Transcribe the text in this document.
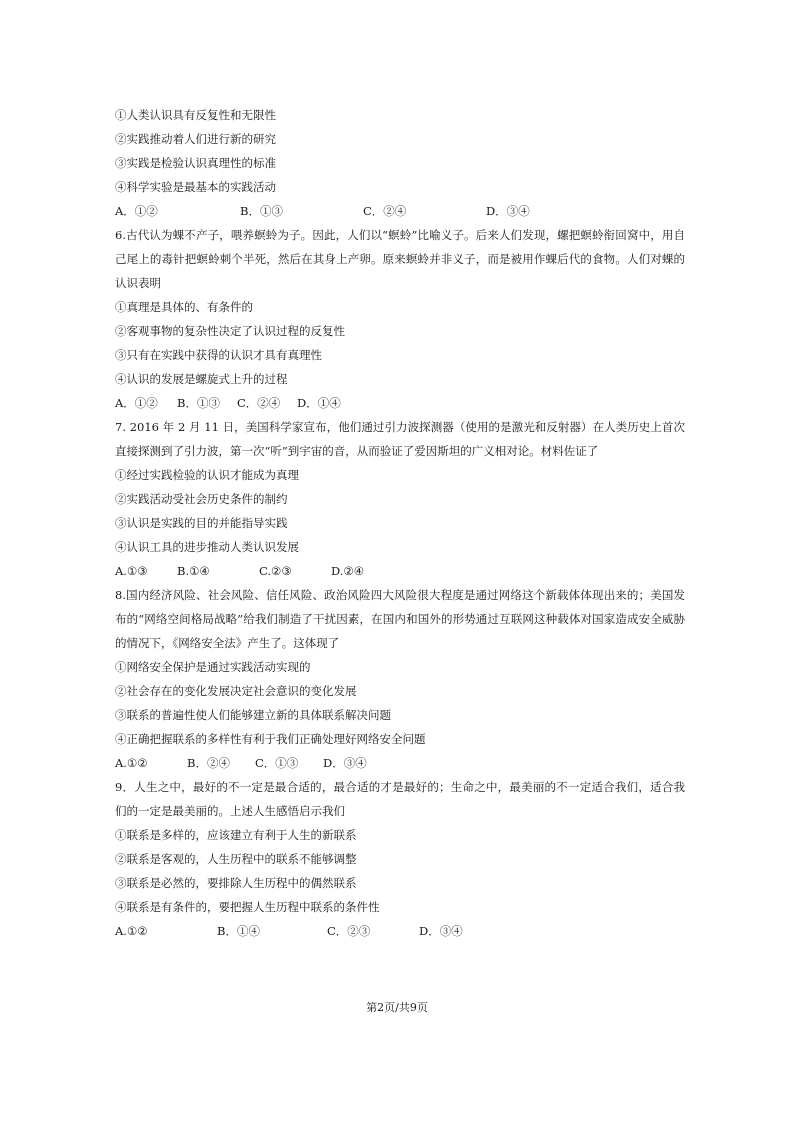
①人类认识具有反复性和无限性
②实践推动着人们进行新的研究
③实践是检验认识真理性的标准
④科学实验是最基本的实践活动
A．①②	B．①③	C．②④	D．③④
6.古代认为蜾不产子，喂养螟蛉为子。因此，人们以“螟蛉”比喻义子。后来人们发现，螺把螟蛉衔回窝中，用自己尾上的毒针把螟蛉刺个半死，然后在其身上产卵。原来螟蛉并非义子，而是被用作蜾后代的食物。人们对蜾的认识表明
①真理是具体的、有条件的
②客观事物的复杂性决定了认识过程的反复性
③只有在实践中获得的认识才具有真理性
④认识的发展是螺旋式上升的过程
A．①②	B．①③	C．②④	D．①④
7. 2016 年 2 月 11 日，美国科学家宣布，他们通过引力波探测器（使用的是激光和反射器）在人类历史上首次直接探测到了引力波，第一次“听”到宇宙的音，从而验证了爱因斯坦的广义相对论。材料佐证了
①经过实践检验的认识才能成为真理
②实践活动受社会历史条件的制约
③认识是实践的目的并能指导实践
④认识工具的进步推动人类认识发展
A.①③	B.①④	C.②③	D.②④
8.国内经济风险、社会风险、信任风险、政治风险四大风险很大程度是通过网络这个新载体体现出来的；美国发布的“网络空间格局战略”给我们制造了干扰因素，在国内和国外的形势通过互联网这种载体对国家造成安全威胁的情况下，《网络安全法》产生了。这体现了
①网络安全保护是通过实践活动实现的
②社会存在的变化发展决定社会意识的变化发展
③联系的普遍性使人们能够建立新的具体联系解决问题
④正确把握联系的多样性有利于我们正确处理好网络安全问题
A.①②	B．②④	C．①③	D．③④
9．人生之中，最好的不一定是最合适的，最合适的才是最好的；生命之中，最美丽的不一定适合我们，适合我们的一定是最美丽的。上述人生感悟启示我们
①联系是多样的，应该建立有利于人生的新联系
②联系是客观的，人生历程中的联系不能够调整
③联系是必然的，要排除人生历程中的偶然联系
④联系是有条件的，要把握人生历程中联系的条件性
A.①②	B．①④	C．②③	D．③④
第2页/共9页
